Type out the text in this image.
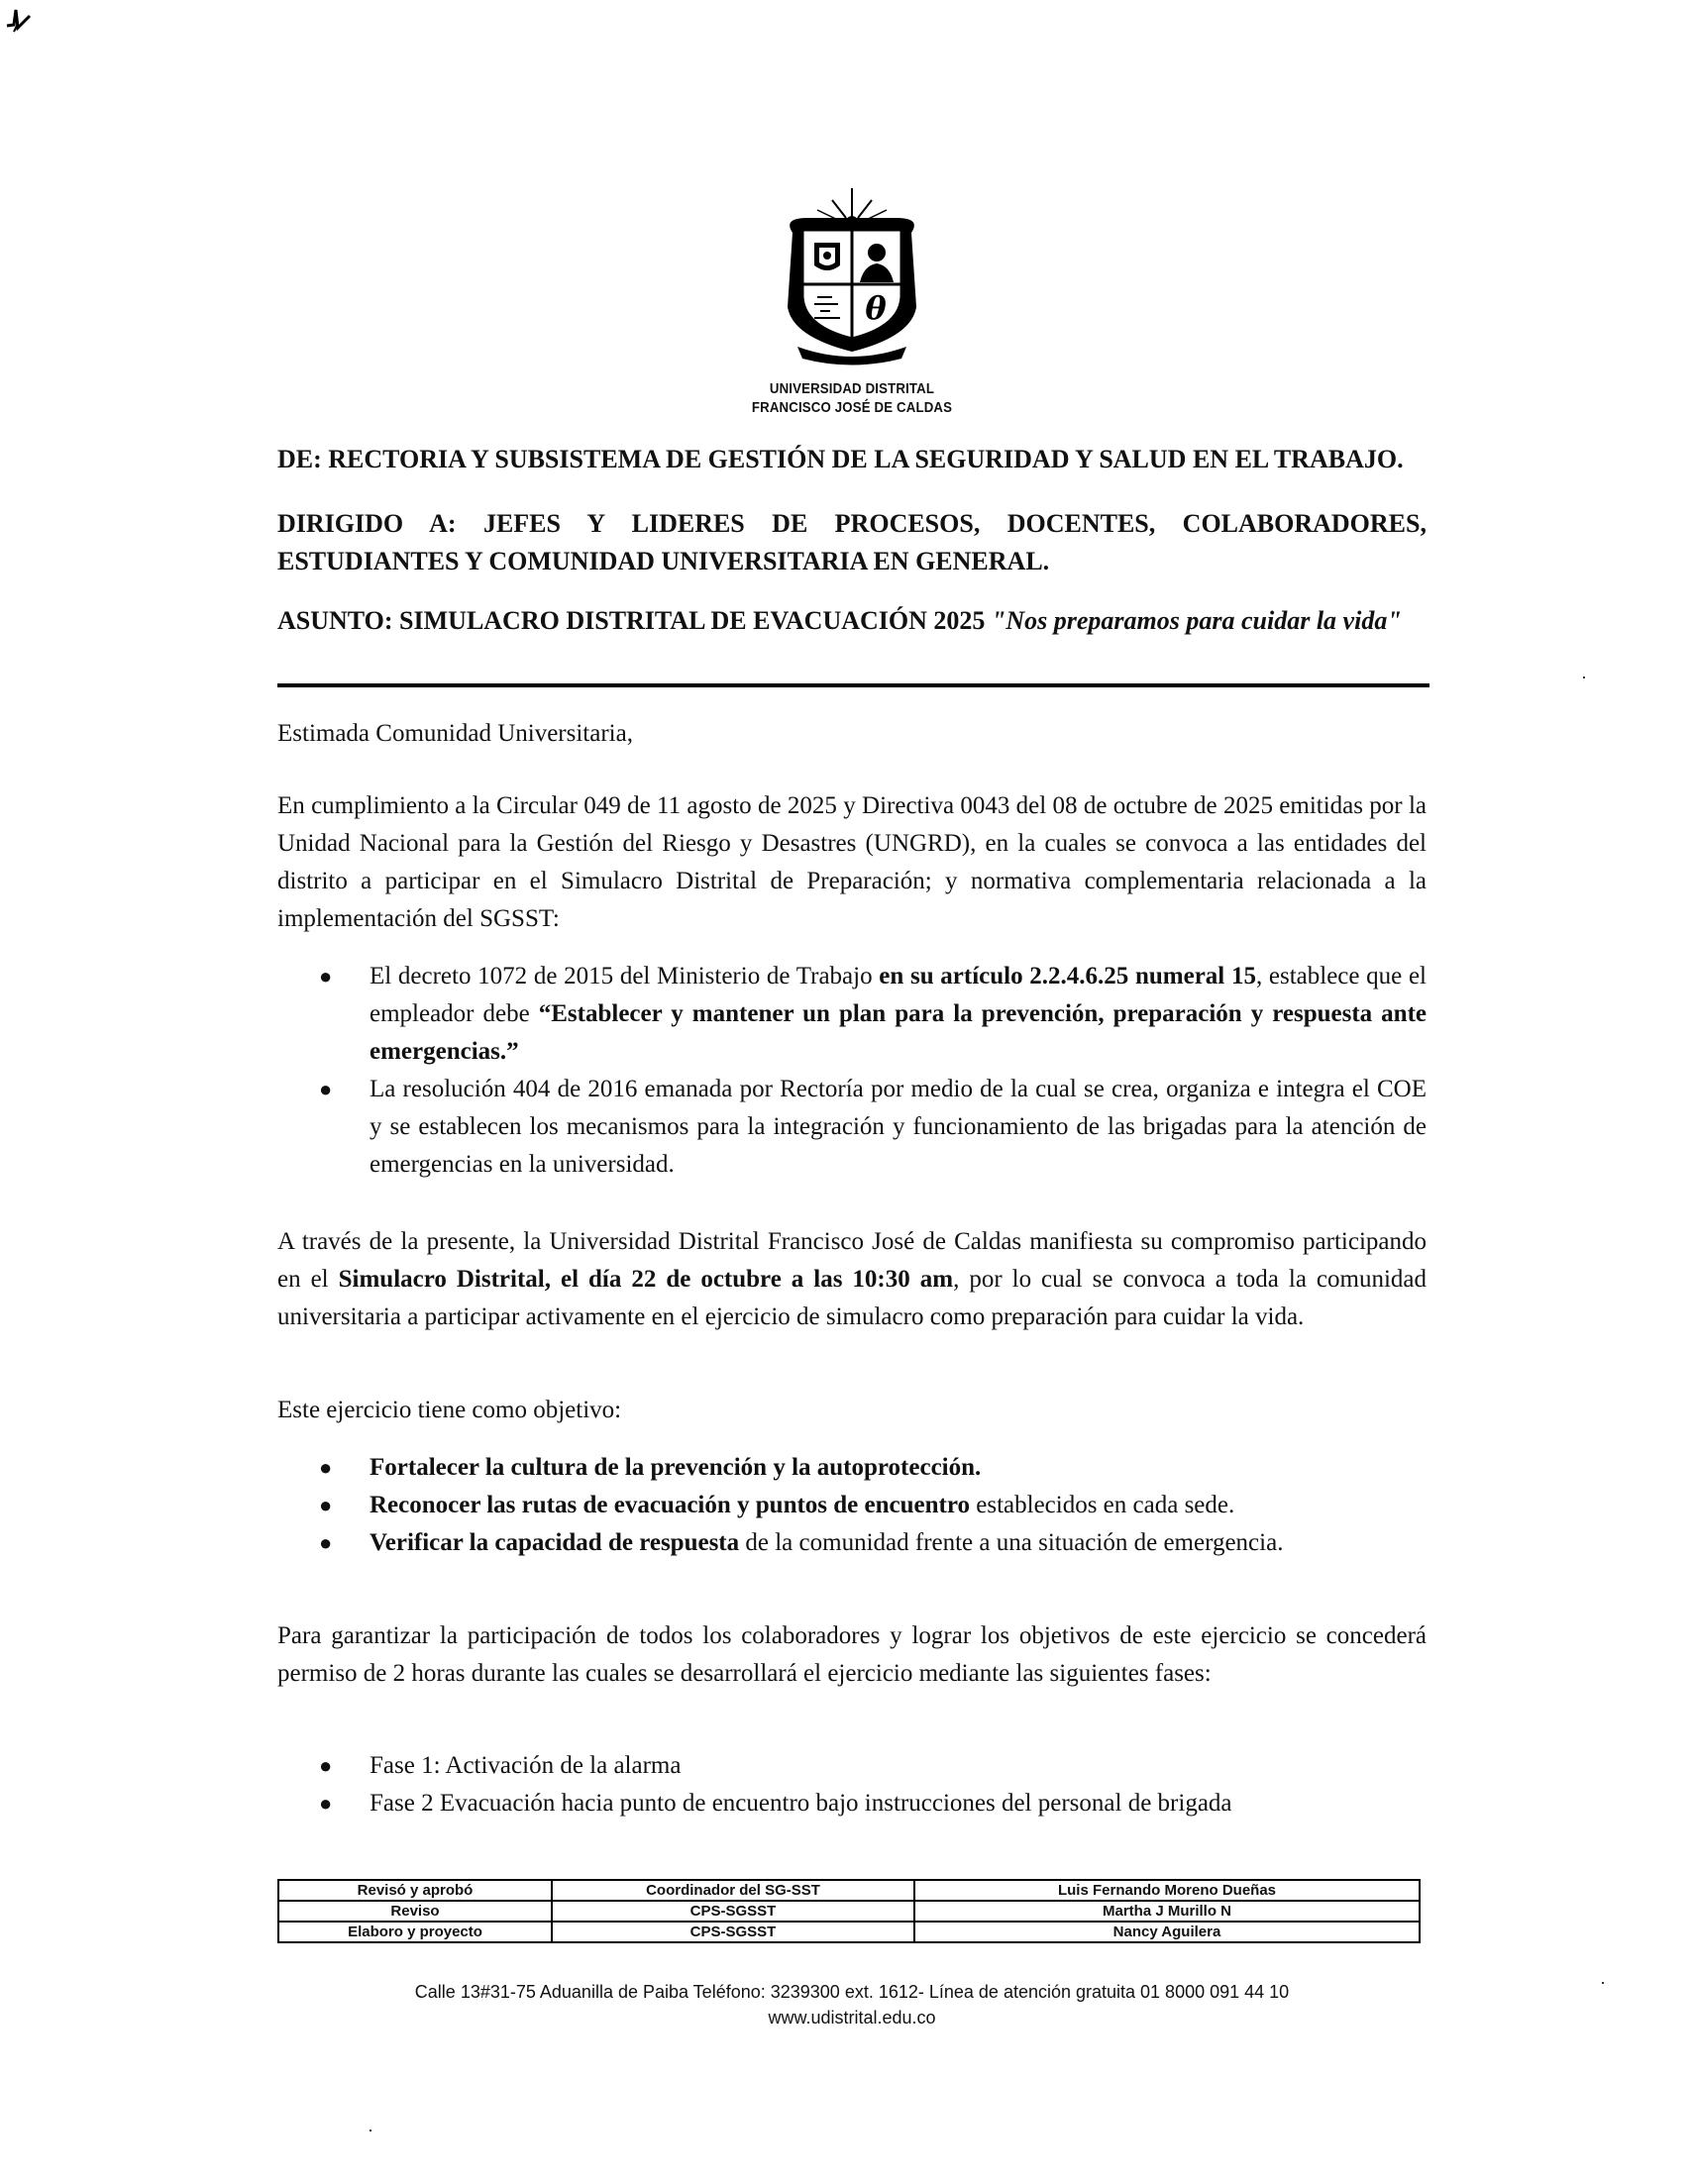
θ
UNIVERSIDAD DISTRITAL
FRANCISCO JOSÉ DE CALDAS
DE: RECTORIA Y SUBSISTEMA DE GESTIÓN DE LA SEGURIDAD Y SALUD EN EL TRABAJO.
DIRIGIDO A: JEFES Y LIDERES DE PROCESOS, DOCENTES, COLABORADORES, ESTUDIANTES Y COMUNIDAD UNIVERSITARIA EN GENERAL.
ASUNTO: SIMULACRO DISTRITAL DE EVACUACIÓN 2025 "Nos preparamos para cuidar la vida"
Estimada Comunidad Universitaria,
En cumplimiento a la Circular 049 de 11 agosto de 2025 y Directiva 0043 del 08 de octubre de 2025 emitidas por la Unidad Nacional para la Gestión del Riesgo y Desastres (UNGRD), en la cuales se convoca a las entidades del distrito a participar en el Simulacro Distrital de Preparación; y normativa complementaria relacionada a la implementación del SGSST:
● El decreto 1072 de 2015 del Ministerio de Trabajo en su artículo 2.2.4.6.25 numeral 15, establece que el empleador debe “Establecer y mantener un plan para la prevención, preparación y respuesta ante emergencias.”
● La resolución 404 de 2016 emanada por Rectoría por medio de la cual se crea, organiza e integra el COE y se establecen los mecanismos para la integración y funcionamiento de las brigadas para la atención de emergencias en la universidad.
A través de la presente, la Universidad Distrital Francisco José de Caldas manifiesta su compromiso participando en el Simulacro Distrital, el día 22 de octubre a las 10:30 am, por lo cual se convoca a toda la comunidad universitaria a participar activamente en el ejercicio de simulacro como preparación para cuidar la vida.
Este ejercicio tiene como objetivo:
● Fortalecer la cultura de la prevención y la autoprotección.
● Reconocer las rutas de evacuación y puntos de encuentro establecidos en cada sede.
● Verificar la capacidad de respuesta de la comunidad frente a una situación de emergencia.
Para garantizar la participación de todos los colaboradores y lograr los objetivos de este ejercicio se concederá permiso de 2 horas durante las cuales se desarrollará el ejercicio mediante las siguientes fases:
● Fase 1: Activación de la alarma
● Fase 2 Evacuación hacia punto de encuentro bajo instrucciones del personal de brigada
Revisó y aprobó	Coordinador del SG-SST	Luis Fernando Moreno Dueñas
Reviso	CPS-SGSST	Martha J Murillo N
Elaboro y proyecto	CPS-SGSST	Nancy Aguilera
Calle 13#31-75 Aduanilla de Paiba Teléfono: 3239300 ext. 1612- Línea de atención gratuita 01 8000 091 44 10
www.udistrital.edu.co
